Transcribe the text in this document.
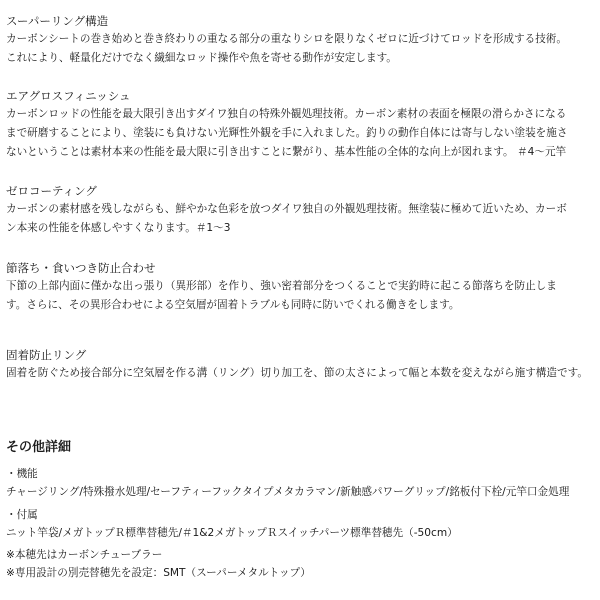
スーパーリング構造
カーボンシートの巻き始めと巻き終わりの重なる部分の重なりシロを限りなくゼロに近づけてロッドを形成する技術。
これにより、軽量化だけでなく繊細なロッド操作や魚を寄せる動作が安定します。
エアグロスフィニッシュ
カーボンロッドの性能を最大限引き出すダイワ独自の特殊外観処理技術。カーボン素材の表面を極限の滑らかさになる
まで研磨することにより、塗装にも負けない光輝性外観を手に入れました。釣りの動作自体には寄与しない塗装を施さ
ないということは素材本来の性能を最大限に引き出すことに繋がり、基本性能の全体的な向上が図れます。 ＃4〜元竿
ゼロコーティング
カーボンの素材感を残しながらも、鮮やかな色彩を放つダイワ独自の外観処理技術。無塗装に極めて近いため、カーボ
ン本来の性能を体感しやすくなります。＃1〜3
節落ち・食いつき防止合わせ
下節の上部内面に僅かな出っ張り（異形部）を作り、強い密着部分をつくることで実釣時に起こる節落ちを防止しま
す。さらに、その異形合わせによる空気層が固着トラブルも同時に防いでくれる働きをします。
固着防止リング
固着を防ぐため接合部分に空気層を作る溝（リング）切り加工を、節の太さによって幅と本数を変えながら施す構造です。
その他詳細
・機能
チャージリング/特殊撥水処理/セーフティーフックタイプメタカラマン/新触感パワーグリップ/銘板付下栓/元竿口金処理
・付属
ニット竿袋/メガトップＲ標準替穂先/＃1&2メガトップＲスイッチパーツ標準替穂先（-50cm）
※本穂先はカーボンチューブラー
※専用設計の別売替穂先を設定：SMT（スーパーメタルトップ）
